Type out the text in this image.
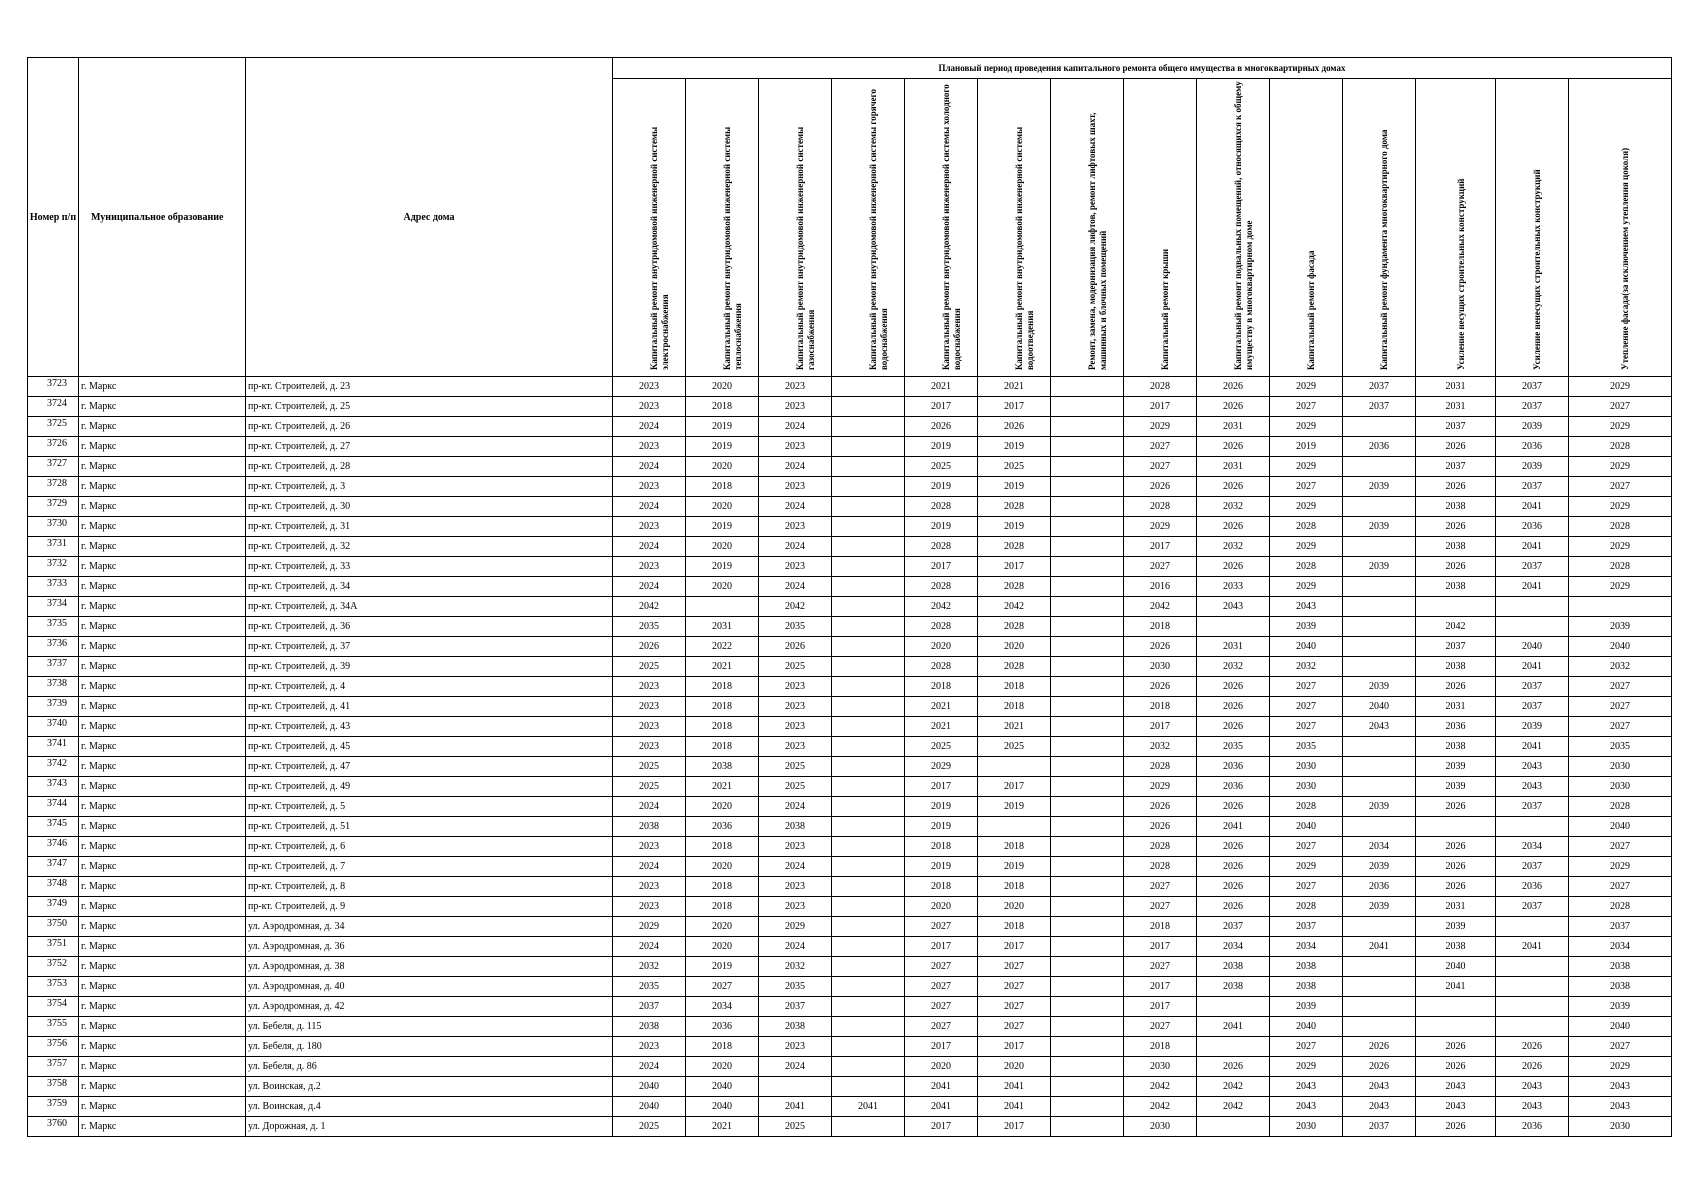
Номер п/п	Муниципальное образование	Адрес дома	Плановый период проведения капитального ремонта общего имущества в многоквартирных домах													

			Капитальный ремонт внутридомовой инженерной системы электроснабжения	Капитальный ремонт внутридомовой инженерной системы теплоснабжения	Капитальный ремонт внутридомовой инженерной системы газоснабжения	Капитальный ремонт внутридомовой инженерной системы горячего водоснабжения	Капитальный ремонт внутридомовой инженерной системы холодного водоснабжения	Капитальный ремонт внутридомовой инженерной системы водоотведения	Ремонт, замена, модернизация лифтов, ремонт лифтовых шахт, машинных и блочных помещений	Капитальный ремонт крыши	Капитальный ремонт подвальных помещений, относящихся к общему имуществу в многоквартирном доме	Капитальный ремонт фасада	Капитальный ремонт фундамента многоквартирного дома	Усиление несущих строительных конструкций	Усиление ненесущих строительных конструкций	Утепление фасада(за исключением утепления цоколя)

3723	г. Маркс	пр-кт. Строителей, д. 23	2023	2020	2023		2021	2021		2028	2026	2029	2037	2031	2037	2029
3724	г. Маркс	пр-кт. Строителей, д. 25	2023	2018	2023		2017	2017		2017	2026	2027	2037	2031	2037	2027
3725	г. Маркс	пр-кт. Строителей, д. 26	2024	2019	2024		2026	2026		2029	2031	2029		2037	2039	2029
3726	г. Маркс	пр-кт. Строителей, д. 27	2023	2019	2023		2019	2019		2027	2026	2019	2036	2026	2036	2028
3727	г. Маркс	пр-кт. Строителей, д. 28	2024	2020	2024		2025	2025		2027	2031	2029		2037	2039	2029
3728	г. Маркс	пр-кт. Строителей, д. 3	2023	2018	2023		2019	2019		2026	2026	2027	2039	2026	2037	2027
3729	г. Маркс	пр-кт. Строителей, д. 30	2024	2020	2024		2028	2028		2028	2032	2029		2038	2041	2029
3730	г. Маркс	пр-кт. Строителей, д. 31	2023	2019	2023		2019	2019		2029	2026	2028	2039	2026	2036	2028
3731	г. Маркс	пр-кт. Строителей, д. 32	2024	2020	2024		2028	2028		2017	2032	2029		2038	2041	2029
3732	г. Маркс	пр-кт. Строителей, д. 33	2023	2019	2023		2017	2017		2027	2026	2028	2039	2026	2037	2028
3733	г. Маркс	пр-кт. Строителей, д. 34	2024	2020	2024		2028	2028		2016	2033	2029		2038	2041	2029
3734	г. Маркс	пр-кт. Строителей, д. 34А	2042		2042		2042	2042		2042	2043	2043				
3735	г. Маркс	пр-кт. Строителей, д. 36	2035	2031	2035		2028	2028		2018		2039		2042		2039
3736	г. Маркс	пр-кт. Строителей, д. 37	2026	2022	2026		2020	2020		2026	2031	2040		2037	2040	2040
3737	г. Маркс	пр-кт. Строителей, д. 39	2025	2021	2025		2028	2028		2030	2032	2032		2038	2041	2032
3738	г. Маркс	пр-кт. Строителей, д. 4	2023	2018	2023		2018	2018		2026	2026	2027	2039	2026	2037	2027
3739	г. Маркс	пр-кт. Строителей, д. 41	2023	2018	2023		2021	2018		2018	2026	2027	2040	2031	2037	2027
3740	г. Маркс	пр-кт. Строителей, д. 43	2023	2018	2023		2021	2021		2017	2026	2027	2043	2036	2039	2027
3741	г. Маркс	пр-кт. Строителей, д. 45	2023	2018	2023		2025	2025		2032	2035	2035		2038	2041	2035
3742	г. Маркс	пр-кт. Строителей, д. 47	2025	2038	2025		2029			2028	2036	2030		2039	2043	2030
3743	г. Маркс	пр-кт. Строителей, д. 49	2025	2021	2025		2017	2017		2029	2036	2030		2039	2043	2030
3744	г. Маркс	пр-кт. Строителей, д. 5	2024	2020	2024		2019	2019		2026	2026	2028	2039	2026	2037	2028
3745	г. Маркс	пр-кт. Строителей, д. 51	2038	2036	2038		2019			2026	2041	2040				2040
3746	г. Маркс	пр-кт. Строителей, д. 6	2023	2018	2023		2018	2018		2028	2026	2027	2034	2026	2034	2027
3747	г. Маркс	пр-кт. Строителей, д. 7	2024	2020	2024		2019	2019		2028	2026	2029	2039	2026	2037	2029
3748	г. Маркс	пр-кт. Строителей, д. 8	2023	2018	2023		2018	2018		2027	2026	2027	2036	2026	2036	2027
3749	г. Маркс	пр-кт. Строителей, д. 9	2023	2018	2023		2020	2020		2027	2026	2028	2039	2031	2037	2028
3750	г. Маркс	ул. Аэродромная, д. 34	2029	2020	2029		2027	2018		2018	2037	2037		2039		2037
3751	г. Маркс	ул. Аэродромная, д. 36	2024	2020	2024		2017	2017		2017	2034	2034	2041	2038	2041	2034
3752	г. Маркс	ул. Аэродромная, д. 38	2032	2019	2032		2027	2027		2027	2038	2038		2040		2038
3753	г. Маркс	ул. Аэродромная, д. 40	2035	2027	2035		2027	2027		2017	2038	2038		2041		2038
3754	г. Маркс	ул. Аэродромная, д. 42	2037	2034	2037		2027	2027		2017		2039				2039
3755	г. Маркс	ул. Бебеля, д. 115	2038	2036	2038		2027	2027		2027	2041	2040				2040
3756	г. Маркс	ул. Бебеля, д. 180	2023	2018	2023		2017	2017		2018		2027	2026	2026	2026	2027
3757	г. Маркс	ул. Бебеля, д. 86	2024	2020	2024		2020	2020		2030	2026	2029	2026	2026	2026	2029
3758	г. Маркс	ул. Воинская, д.2	2040	2040			2041	2041		2042	2042	2043	2043	2043	2043	2043
3759	г. Маркс	ул. Воинская, д.4	2040	2040	2041	2041	2041	2041		2042	2042	2043	2043	2043	2043	2043
3760	г. Маркс	ул. Дорожная, д. 1	2025	2021	2025		2017	2017		2030		2030	2037	2026	2036	2030
